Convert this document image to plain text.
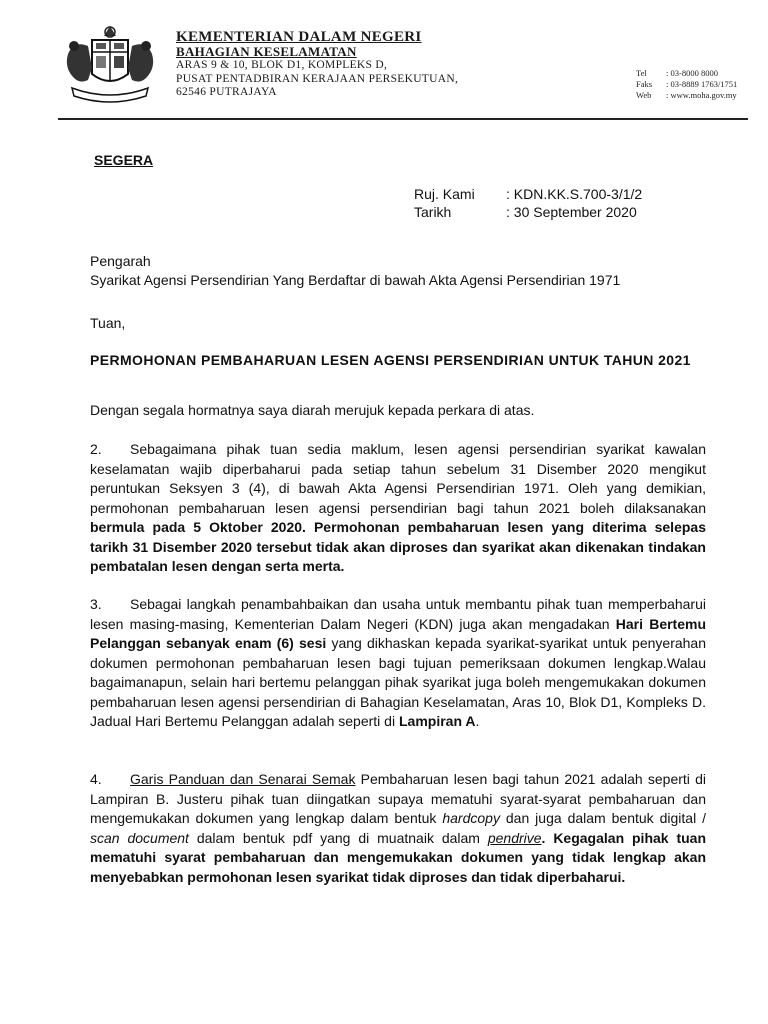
KEMENTERIAN DALAM NEGERI
BAHAGIAN KESELAMATAN
ARAS 9 & 10, BLOK D1, KOMPLEKS D,
PUSAT PENTADBIRAN KERAJAAN PERSEKUTUAN,
62546 PUTRAJAYA
Tel	: 03-8000 8000
Faks	: 03-8889 1763/1751
Web	: www.moha.gov.my
SEGERA
Ruj. Kami	: KDN.KK.S.700-3/1/2
Tarikh	: 30 September 2020
Pengarah
Syarikat Agensi Persendirian Yang Berdaftar di bawah Akta Agensi Persendirian 1971
Tuan,
PERMOHONAN PEMBAHARUAN LESEN AGENSI PERSENDIRIAN UNTUK TAHUN 2021
Dengan segala hormatnya saya diarah merujuk kepada perkara di atas.
2. Sebagaimana pihak tuan sedia maklum, lesen agensi persendirian syarikat kawalan keselamatan wajib diperbaharui pada setiap tahun sebelum 31 Disember 2020 mengikut peruntukan Seksyen 3 (4), di bawah Akta Agensi Persendirian 1971. Oleh yang demikian, permohonan pembaharuan lesen agensi persendirian bagi tahun 2021 boleh dilaksanakan bermula pada 5 Oktober 2020. Permohonan pembaharuan lesen yang diterima selepas tarikh 31 Disember 2020 tersebut tidak akan diproses dan syarikat akan dikenakan tindakan pembatalan lesen dengan serta merta.
3. Sebagai langkah penambahbaikan dan usaha untuk membantu pihak tuan memperbaharui lesen masing-masing, Kementerian Dalam Negeri (KDN) juga akan mengadakan Hari Bertemu Pelanggan sebanyak enam (6) sesi yang dikhaskan kepada syarikat-syarikat untuk penyerahan dokumen permohonan pembaharuan lesen bagi tujuan pemeriksaan dokumen lengkap.Walau bagaimanapun, selain hari bertemu pelanggan pihak syarikat juga boleh mengemukakan dokumen pembaharuan lesen agensi persendirian di Bahagian Keselamatan, Aras 10, Blok D1, Kompleks D. Jadual Hari Bertemu Pelanggan adalah seperti di Lampiran A.
4. Garis Panduan dan Senarai Semak Pembaharuan lesen bagi tahun 2021 adalah seperti di Lampiran B. Justeru pihak tuan diingatkan supaya mematuhi syarat-syarat pembaharuan dan mengemukakan dokumen yang lengkap dalam bentuk hardcopy dan juga dalam bentuk digital / scan document dalam bentuk pdf yang di muatnaik dalam pendrive. Kegagalan pihak tuan mematuhi syarat pembaharuan dan mengemukakan dokumen yang tidak lengkap akan menyebabkan permohonan lesen syarikat tidak diproses dan tidak diperbaharui.
